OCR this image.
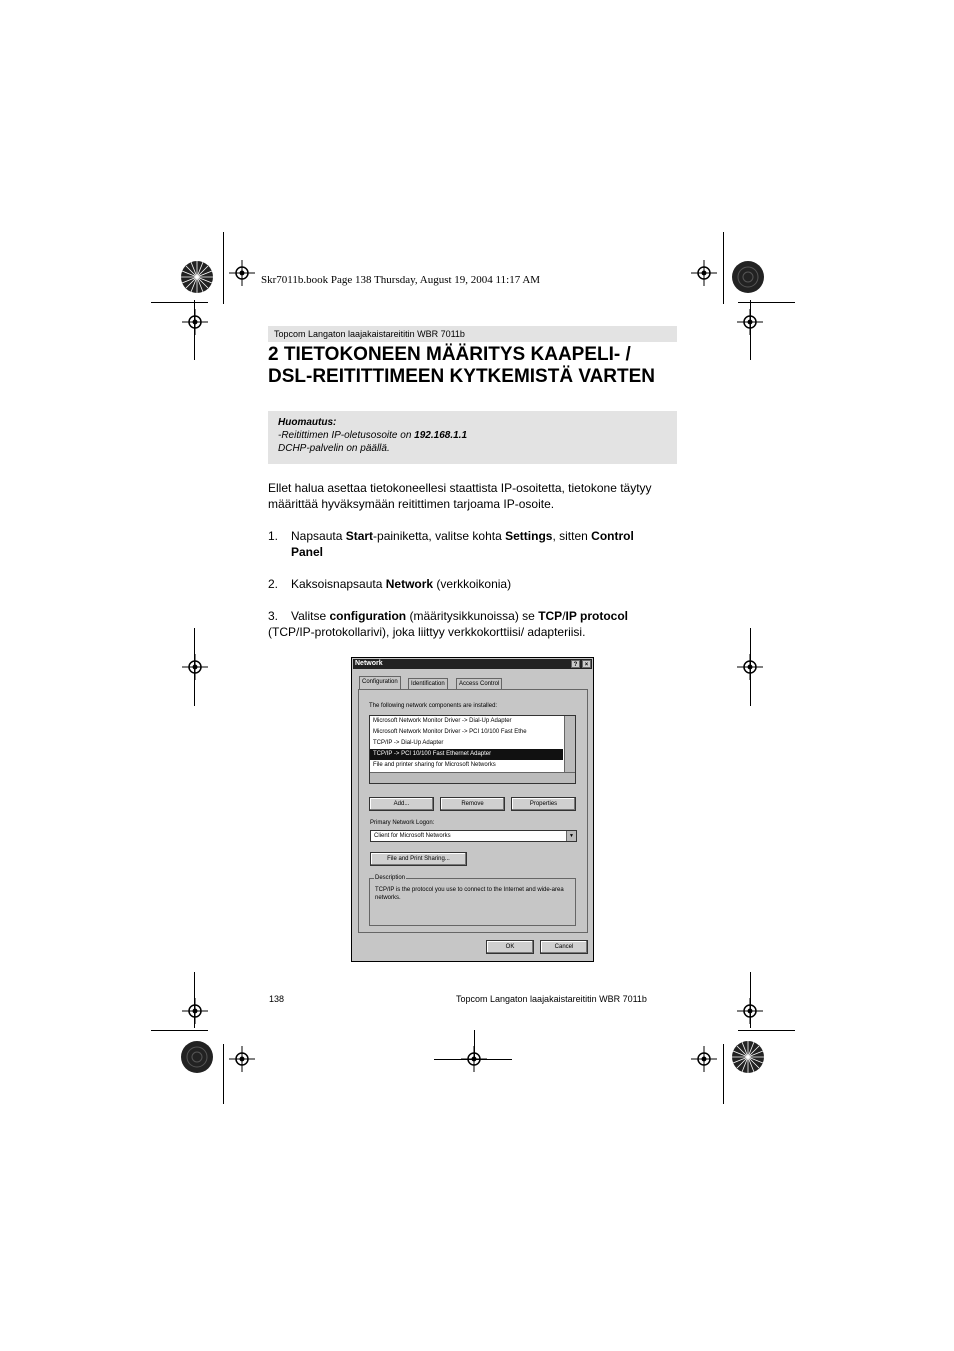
Skr7011b.book Page 138 Thursday, August 19, 2004 11:17 AM
Topcom Langaton laajakaistareititin WBR 7011b
2 TIETOKONEEN MÄÄRITYS KAAPELI- /
DSL-REITITTIMEEN KYTKEMISTÄ VARTEN
Huomautus:
-Reitittimen IP-oletusosoite on 192.168.1.1
DCHP-palvelin on päällä.
Ellet halua asettaa tietokoneellesi staattista IP-osoitetta, tietokone täytyy määrittää hyväksymään reitittimen tarjoama IP-osoite.
1. Napsauta Start-painiketta, valitse kohta Settings, sitten Control
Panel
2. Kaksoisnapsauta Network (verkkoikonia)
3. Valitse configuration (määritysikkunoissa) se TCP/IP protocol
(TCP/IP-protokollarivi), joka liittyy verkkokorttiisi/ adapteriisi.
Network	?	×
Configuration	Identification	Access Control
The following network components are installed:
Microsoft Network Monitor Driver -> Dial-Up Adapter
Microsoft Network Monitor Driver -> PCI 10/100 Fast Ethe
TCP/IP -> Dial-Up Adapter
TCP/IP -> PCI 10/100 Fast Ethernet Adapter
File and printer sharing for Microsoft Networks
Add...	Remove	Properties
Primary Network Logon:
Client for Microsoft Networks	▼
File and Print Sharing...
Description
TCP/IP is the protocol you use to connect to the Internet and wide-area networks.
OK	Cancel
138	Topcom Langaton laajakaistareititin WBR 7011b
